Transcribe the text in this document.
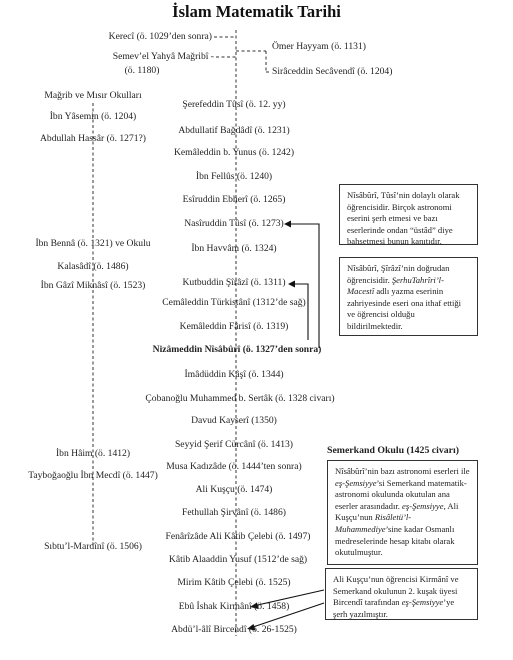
İslam Matematik Tarihi
Kerecî (ö. 1029’den sonra)
Semev’el Yahyâ Mağribî -
(ö. 1180)
Şerefeddin Tûsî (ö. 12. yy)
Abdullatif Bağdâdî (ö. 1231)
Kemâleddin b. Yunus (ö. 1242)
İbn Fellûs (ö. 1240)
Esîruddin Ebherî (ö. 1265)
Nasîruddin Tûsî (ö. 1273)
İbn Havvâm (ö. 1324)
Kutbuddin Şîrâzî (ö. 1311)
Cemâleddin Türkistânî (1312’de sağ)
Kemâleddin Fârisî (ö. 1319)
Nizâmeddin Nîsâbûrî (ö. 1327’den sonra)
İmâdüddin Kâşî (ö. 1344)
Çobanoğlu Muhammed b. Sertâk (ö. 1328 civarı)
Davud Kayserî (1350)
Seyyid Şerif Cürcânî (ö. 1413)
Musa Kadızâde (ö. 1444’ten sonra)
Ali Kuşçu (ö. 1474)
Fethullah Şirvânî (ö. 1486)
Fenârîzâde Ali Kâtib Çelebi (ö. 1497)
Kâtib Alaaddin Yusuf (1512’de sağ)
Mirim Kâtib Çelebi (ö. 1525)
Ebû İshak Kirmânî (ö. 1458)
Abdü’l-âlî Bircendî (ö. 26-1525)
Ömer Hayyam (ö. 1131)
Sirâceddin Secâvendî (ö. 1204)
Mağrib ve Mısır Okulları
İbn Yâsemin (ö. 1204)
Abdullah Hassâr (ö. 1271?)
İbn Bennâ (ö. 1321) ve Okulu
Kalasâdî (ö. 1486)
İbn Gâzî Miknâsî (ö. 1523)
İbn Hâim (ö. 1412)
Tayboğaoğlu İbn Mecdî (ö. 1447)
Sıbtu’l-Mardînî (ö. 1506)
Semerkand Okulu (1425 civarı)
Nîsâbûrî, Tûsî’nin dolaylı olarak öğrencisidir. Birçok astronomi eserini şerh etmesi ve bazı eserlerinde ondan “üstâd” diye bahsetmesi bunun kanıtıdır.
Nîsâbûrî, Şîrâzî’nin doğrudan öğrencisidir. ŞerhuTahrîri’l-Macestî adlı yazma eserinin zahriyesinde eseri ona ithaf ettiği ve öğrencisi olduğu bildirilmektedir.
Nîsâbûrî’nin bazı astronomi eserleri ile eş-Şemsiyye’si Semerkand matematik-astronomi okulunda okutulan ana eserler arasındadır. eş-Şemsiyye, Ali Kuşçu’nun Risâletü’l-Muhammediye’sine kadar Osmanlı medreselerinde hesap kitabı olarak okutulmuştur.
Ali Kuşçu’nun öğrencisi Kirmânî ve Semerkand okulunun 2. kuşak üyesi Bircendî tarafından eş-Şemsiyye’ye şerh yazılmıştır.
